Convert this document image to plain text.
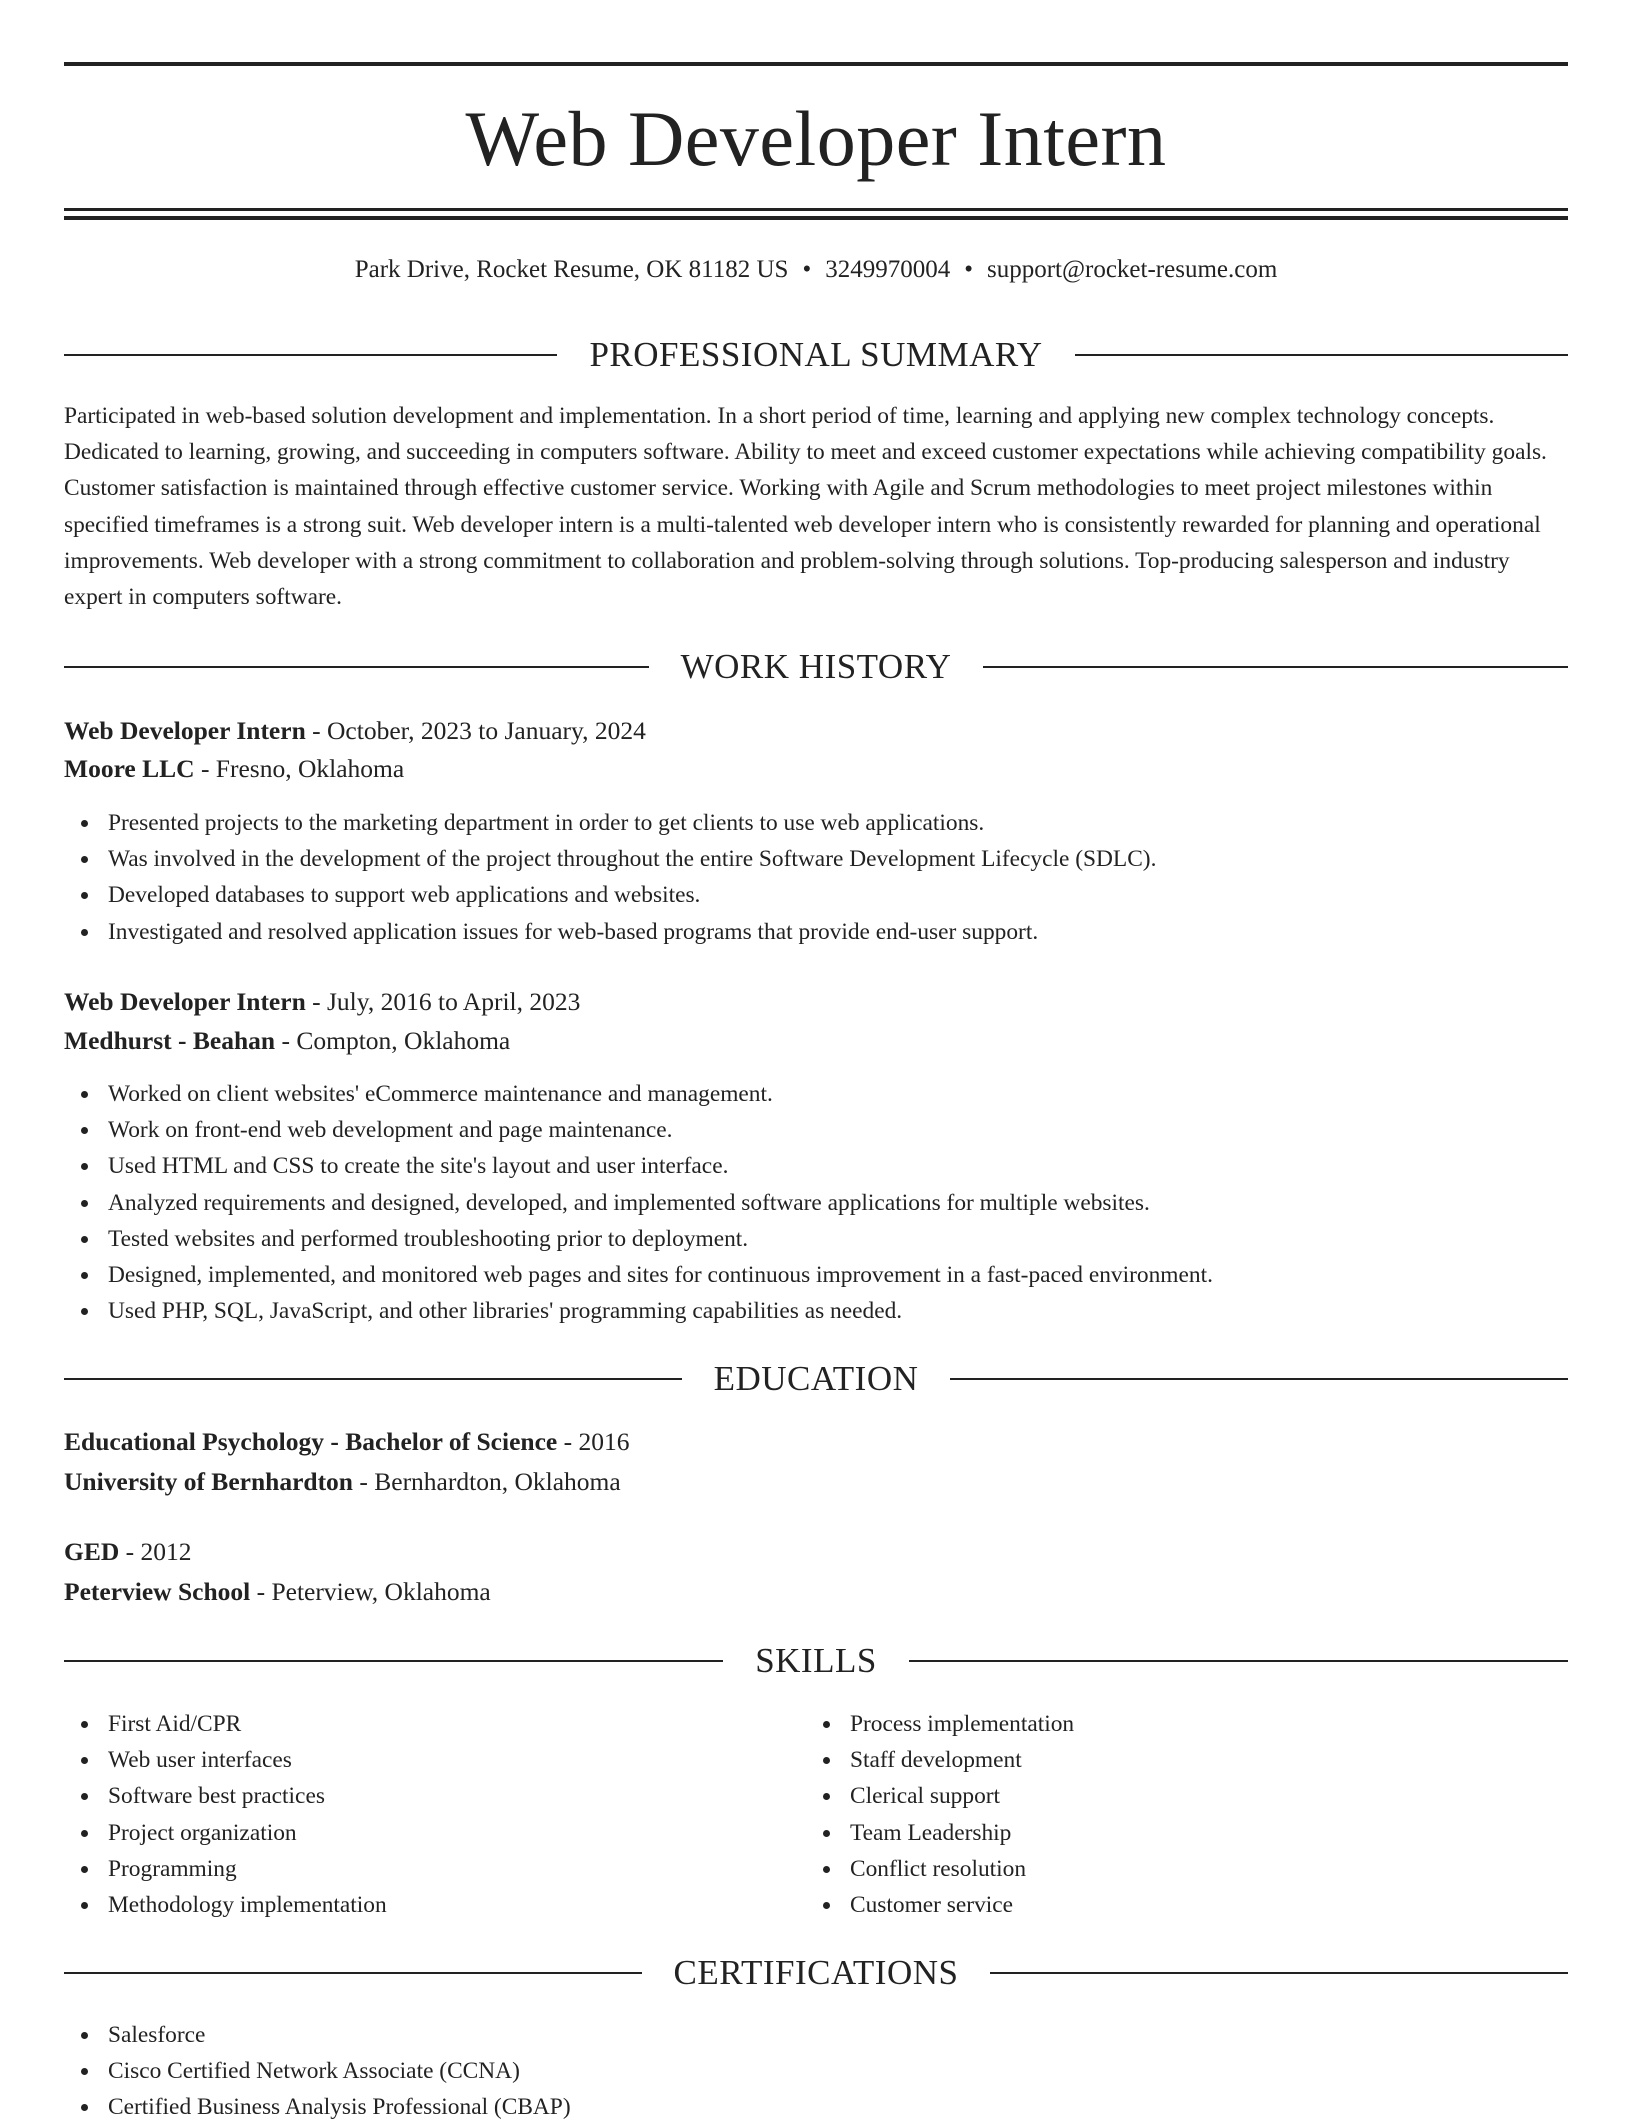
Web Developer Intern
Park Drive, Rocket Resume, OK 81182 US • 3249970004 • support@rocket-resume.com
PROFESSIONAL SUMMARY

Participated in web-based solution development and implementation. In a short period of time, learning and applying new complex technology concepts. Dedicated to learning, growing, and succeeding in computers software. Ability to meet and exceed customer expectations while achieving compatibility goals. Customer satisfaction is maintained through effective customer service. Working with Agile and Scrum methodologies to meet project milestones within specified timeframes is a strong suit. Web developer intern is a multi-talented web developer intern who is consistently rewarded for planning and operational improvements. Web developer with a strong commitment to collaboration and problem-solving through solutions. Top-producing salesperson and industry expert in computers software.

WORK HISTORY
Web Developer Intern - October, 2023 to January, 2024
Moore LLC - Fresno, Oklahoma
Presented projects to the marketing department in order to get clients to use web applications.
Was involved in the development of the project throughout the entire Software Development Lifecycle (SDLC).
Developed databases to support web applications and websites.
Investigated and resolved application issues for web-based programs that provide end-user support.
Web Developer Intern - July, 2016 to April, 2023
Medhurst - Beahan - Compton, Oklahoma
Worked on client websites' eCommerce maintenance and management.
Work on front-end web development and page maintenance.
Used HTML and CSS to create the site's layout and user interface.
Analyzed requirements and designed, developed, and implemented software applications for multiple websites.
Tested websites and performed troubleshooting prior to deployment.
Designed, implemented, and monitored web pages and sites for continuous improvement in a fast-paced environment.
Used PHP, SQL, JavaScript, and other libraries' programming capabilities as needed.
EDUCATION
Educational Psychology - Bachelor of Science - 2016
University of Bernhardton - Bernhardton, Oklahoma
GED - 2012
Peterview School - Peterview, Oklahoma
SKILLS
First Aid/CPR
Web user interfaces
Software best practices
Project organization
Programming
Methodology implementation
Process implementation
Staff development
Clerical support
Team Leadership
Conflict resolution
Customer service
CERTIFICATIONS
Salesforce
Cisco Certified Network Associate (CCNA)
Certified Business Analysis Professional (CBAP)
